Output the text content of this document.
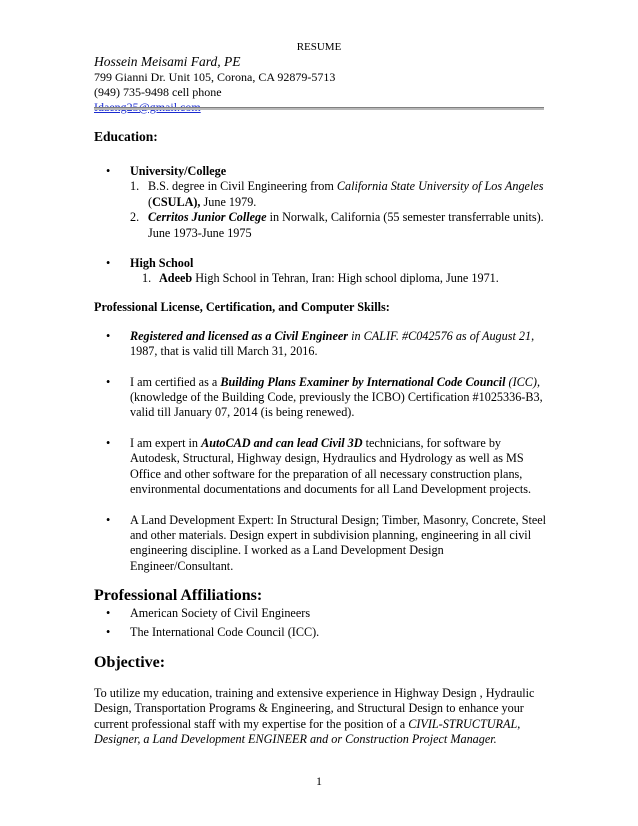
RESUME
Hossein Meisami Fard, PE
799 Gianni Dr. Unit 105, Corona, CA 92879-5713
(949) 735-9498 cell phone
Idaeng25@gmail.com
Education:
• University/College
1. B.S. degree in Civil Engineering from California State University of Los Angeles (CSULA), June 1979.
2. Cerritos Junior College in Norwalk, California (55 semester transferrable units). June 1973-June 1975
• High School
1. Adeeb High School in Tehran, Iran: High school diploma, June 1971.
Professional License, Certification, and Computer Skills:
• Registered and licensed as a Civil Engineer in CALIF. #C042576 as of August 21, 1987, that is valid till March 31, 2016.
• I am certified as a Building Plans Examiner by International Code Council (ICC), (knowledge of the Building Code, previously the ICBO) Certification #1025336-B3, valid till January 07, 2014 (is being renewed).
• I am expert in AutoCAD and can lead Civil 3D technicians, for software by Autodesk, Structural, Highway design, Hydraulics and Hydrology as well as MS Office and other software for the preparation of all necessary construction plans, environmental documentations and documents for all Land Development projects.
• A Land Development Expert: In Structural Design; Timber, Masonry, Concrete, Steel and other materials. Design expert in subdivision planning, engineering in all civil engineering discipline. I worked as a Land Development Design Engineer/Consultant.
Professional Affiliations:
• American Society of Civil Engineers
• The International Code Council (ICC).
Objective:
To utilize my education, training and extensive experience in Highway Design , Hydraulic Design, Transportation Programs & Engineering, and Structural Design to enhance your current professional staff with my expertise for the position of a CIVIL-STRUCTURAL, Designer, a Land Development ENGINEER and or Construction Project Manager.
1
